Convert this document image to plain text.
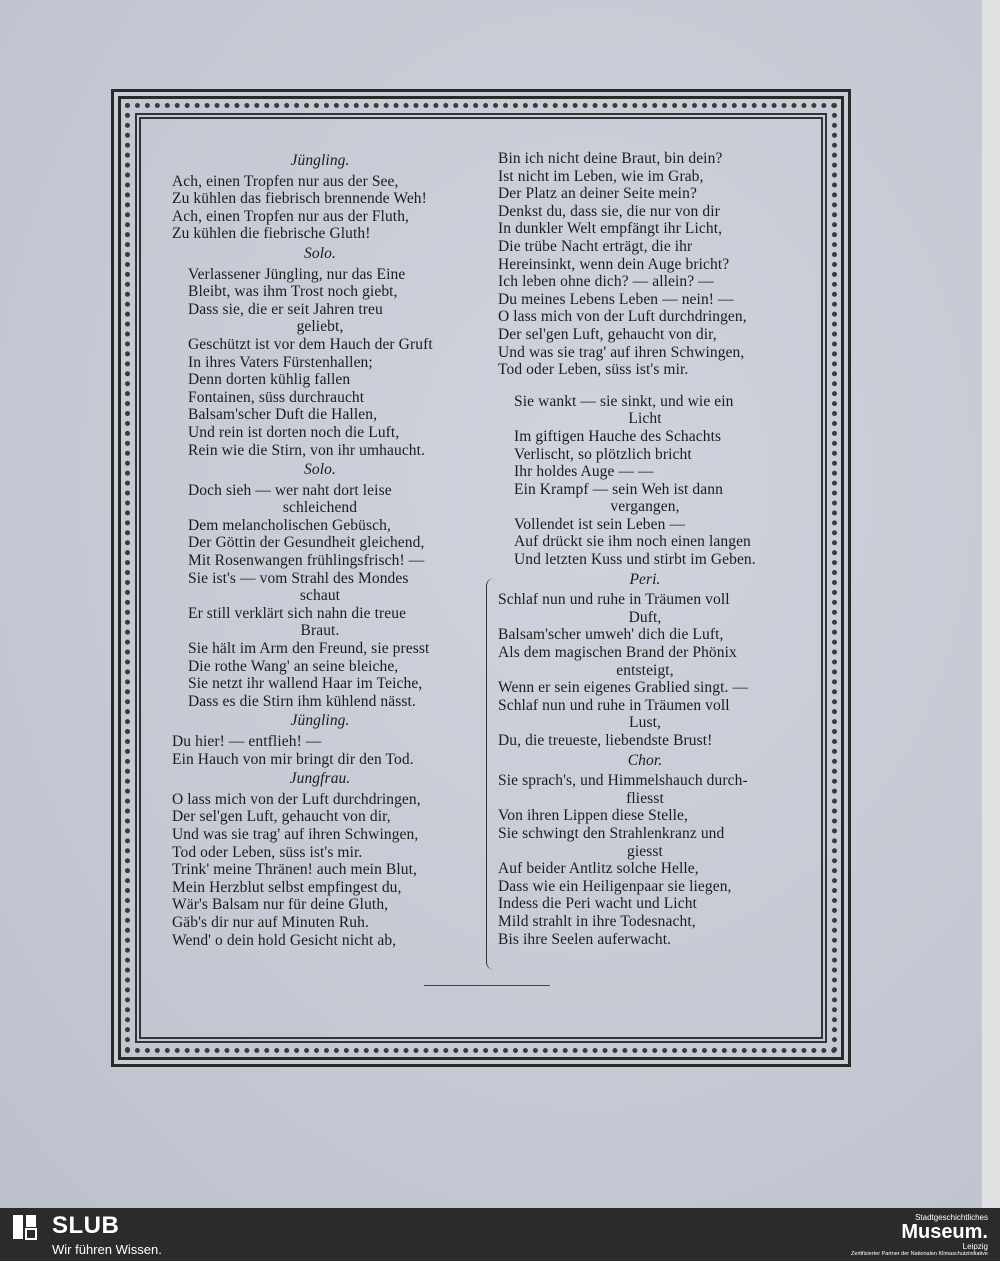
Jüngling.
Ach, einen Tropfen nur aus der See,
Zu kühlen das fiebrisch brennende Weh!
Ach, einen Tropfen nur aus der Fluth,
Zu kühlen die fiebrische Gluth!
Solo.
Verlassener Jüngling, nur das Eine
Bleibt, was ihm Trost noch giebt,
Dass sie, die er seit Jahren treu
geliebt,
Geschützt ist vor dem Hauch der Gruft
In ihres Vaters Fürstenhallen;
Denn dorten kühlig fallen
Fontainen, süss durchraucht
Balsam'scher Duft die Hallen,
Und rein ist dorten noch die Luft,
Rein wie die Stirn, von ihr umhaucht.
Solo.
Doch sieh — wer naht dort leise
schleichend
Dem melancholischen Gebüsch,
Der Göttin der Gesundheit gleichend,
Mit Rosenwangen frühlingsfrisch! —
Sie ist's — vom Strahl des Mondes
schaut
Er still verklärt sich nahn die treue
Braut.
Sie hält im Arm den Freund, sie presst
Die rothe Wang' an seine bleiche,
Sie netzt ihr wallend Haar im Teiche,
Dass es die Stirn ihm kühlend nässt.
Jüngling.
Du hier! — entflieh! —
Ein Hauch von mir bringt dir den Tod.
Jungfrau.
O lass mich von der Luft durchdringen,
Der sel'gen Luft, gehaucht von dir,
Und was sie trag' auf ihren Schwingen,
Tod oder Leben, süss ist's mir.
Trink' meine Thränen! auch mein Blut,
Mein Herzblut selbst empfingest du,
Wär's Balsam nur für deine Gluth,
Gäb's dir nur auf Minuten Ruh.
Wend' o dein hold Gesicht nicht ab,
Bin ich nicht deine Braut, bin dein?
Ist nicht im Leben, wie im Grab,
Der Platz an deiner Seite mein?
Denkst du, dass sie, die nur von dir
In dunkler Welt empfängt ihr Licht,
Die trübe Nacht erträgt, die ihr
Hereinsinkt, wenn dein Auge bricht?
Ich leben ohne dich? — allein? —
Du meines Lebens Leben — nein! —
O lass mich von der Luft durchdringen,
Der sel'gen Luft, gehaucht von dir,
Und was sie trag' auf ihren Schwingen,
Tod oder Leben, süss ist's mir.
Sie wankt — sie sinkt, und wie ein
Licht
Im giftigen Hauche des Schachts
Verlischt, so plötzlich bricht
Ihr holdes Auge — —
Ein Krampf — sein Weh ist dann
vergangen,
Vollendet ist sein Leben —
Auf drückt sie ihm noch einen langen
Und letzten Kuss und stirbt im Geben.
Peri.
Schlaf nun und ruhe in Träumen voll
Duft,
Balsam'scher umweh' dich die Luft,
Als dem magischen Brand der Phönix
entsteigt,
Wenn er sein eigenes Grablied singt. —
Schlaf nun und ruhe in Träumen voll
Lust,
Du, die treueste, liebendste Brust!
Chor.
Sie sprach's, und Himmelshauch durch-
fliesst
Von ihren Lippen diese Stelle,
Sie schwingt den Strahlenkranz und
giesst
Auf beider Antlitz solche Helle,
Dass wie ein Heiligenpaar sie liegen,
Indess die Peri wacht und Licht
Mild strahlt in ihre Todesnacht,
Bis ihre Seelen auferwacht.
SLUB
Wir führen Wissen.
Stadtgeschichtliches
Museum.
Leipzig
Zertifizierter Partner der Nationalen Klimaschutzinitiative
